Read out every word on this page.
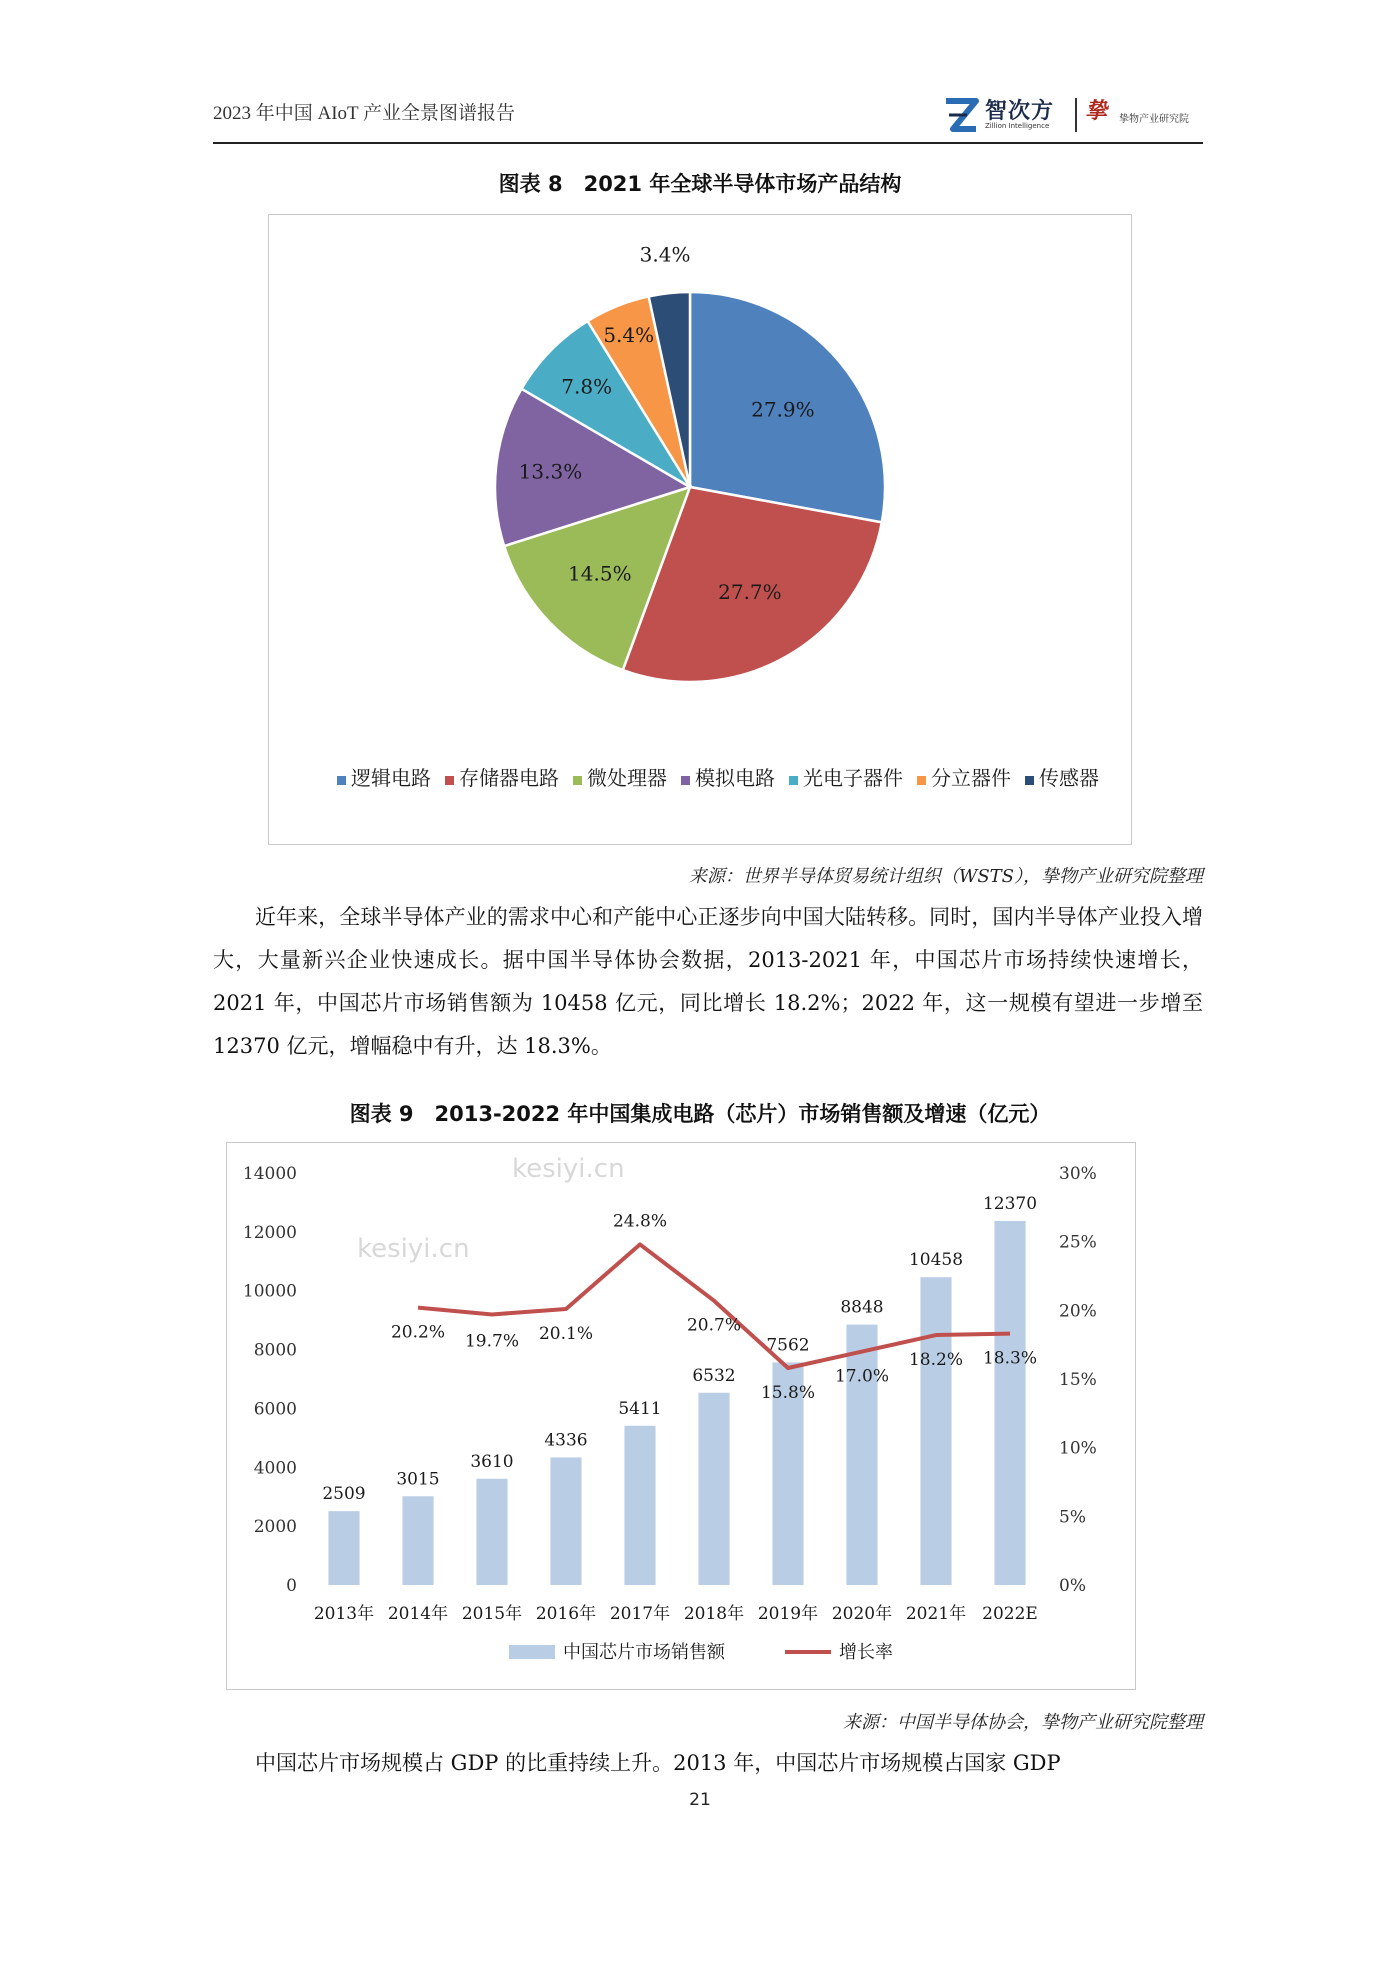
2023 年中国 AIoT 产业全景图谱报告	智次方
Zillion Intelligence
挚 挚物产业研究院
图表 8　2021 年全球半导体市场产品结构
27.9%
27.7%
14.5%
13.3%
7.8%
5.4%
3.4%
逻辑电路 存储器电路 微处理器 模拟电路 光电子器件 分立器件 传感器
来源：世界半导体贸易统计组织（WSTS），挚物产业研究院整理

近年来，全球半导体产业的需求中心和产能中心正逐步向中国大陆转移。同时，国内半导体产业投入增大，大量新兴企业快速成长。据中国半导体协会数据，2013-2021 年，中国芯片市场持续快速增长，2021 年，中国芯片市场销售额为 10458 亿元，同比增长 18.2%；2022 年，这一规模有望进一步增至 12370 亿元，增幅稳中有升，达 18.3%。

图表 9　2013-2022 年中国集成电路（芯片）市场销售额及增速（亿元）
kesiyi.cn
kesiyi.cn
0
2000
4000
6000
8000
10000
12000
14000
0%
5%
10%
15%
20%
25%
30%
2509
3015
3610
4336
5411
6532
7562
8848
10458
12370
20.2% 19.7% 20.1%
24.8%
20.7%
15.8%
17.0%
18.2% 18.3%
2013年 2014年 2015年 2016年 2017年 2018年 2019年 2020年 2021年 2022E
中国芯片市场销售额	增长率
来源：中国半导体协会，挚物产业研究院整理

中国芯片市场规模占 GDP 的比重持续上升。2013 年，中国芯片市场规模占国家 GDP

21
